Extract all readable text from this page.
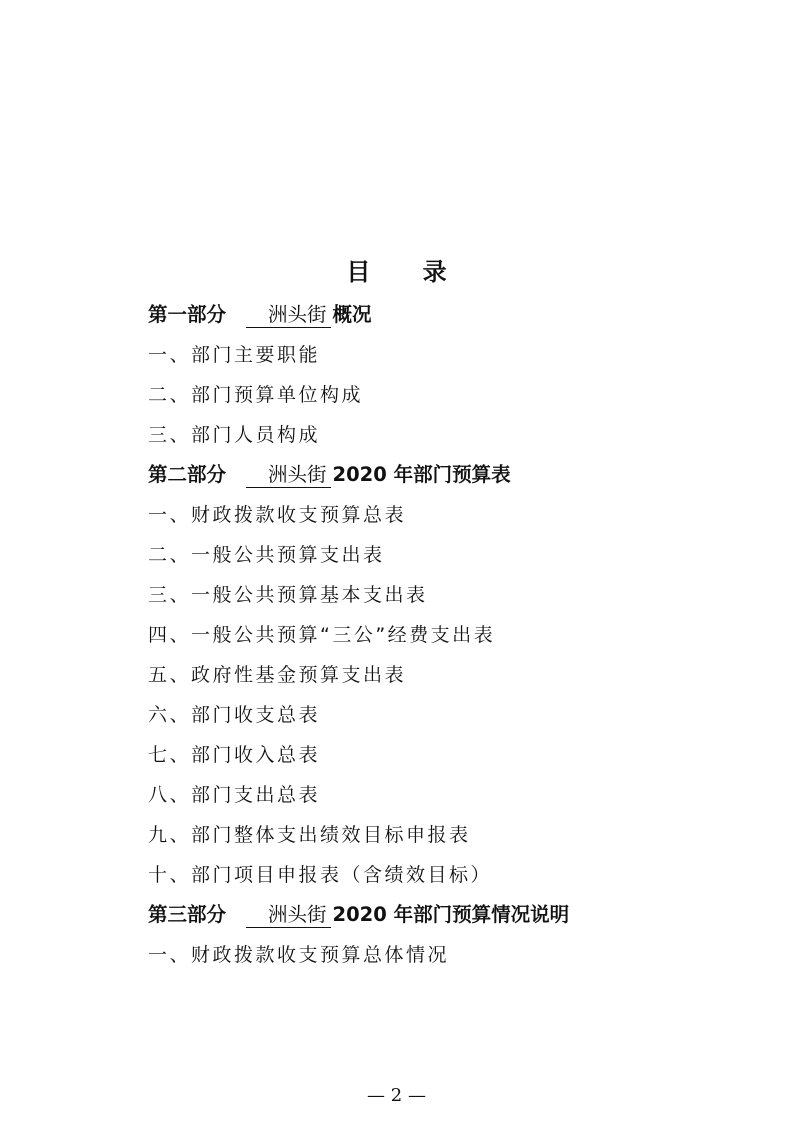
目 录
第一部分 洲头街 概况
一、部门主要职能
二、部门预算单位构成
三、部门人员构成
第二部分 洲头街 2020 年部门预算表
一、财政拨款收支预算总表
二、一般公共预算支出表
三、一般公共预算基本支出表
四、一般公共预算“三公”经费支出表
五、政府性基金预算支出表
六、部门收支总表
七、部门收入总表
八、部门支出总表
九、部门整体支出绩效目标申报表
十、部门项目申报表（含绩效目标）
第三部分 洲头街 2020 年部门预算情况说明
一、财政拨款收支预算总体情况
— 2 —
